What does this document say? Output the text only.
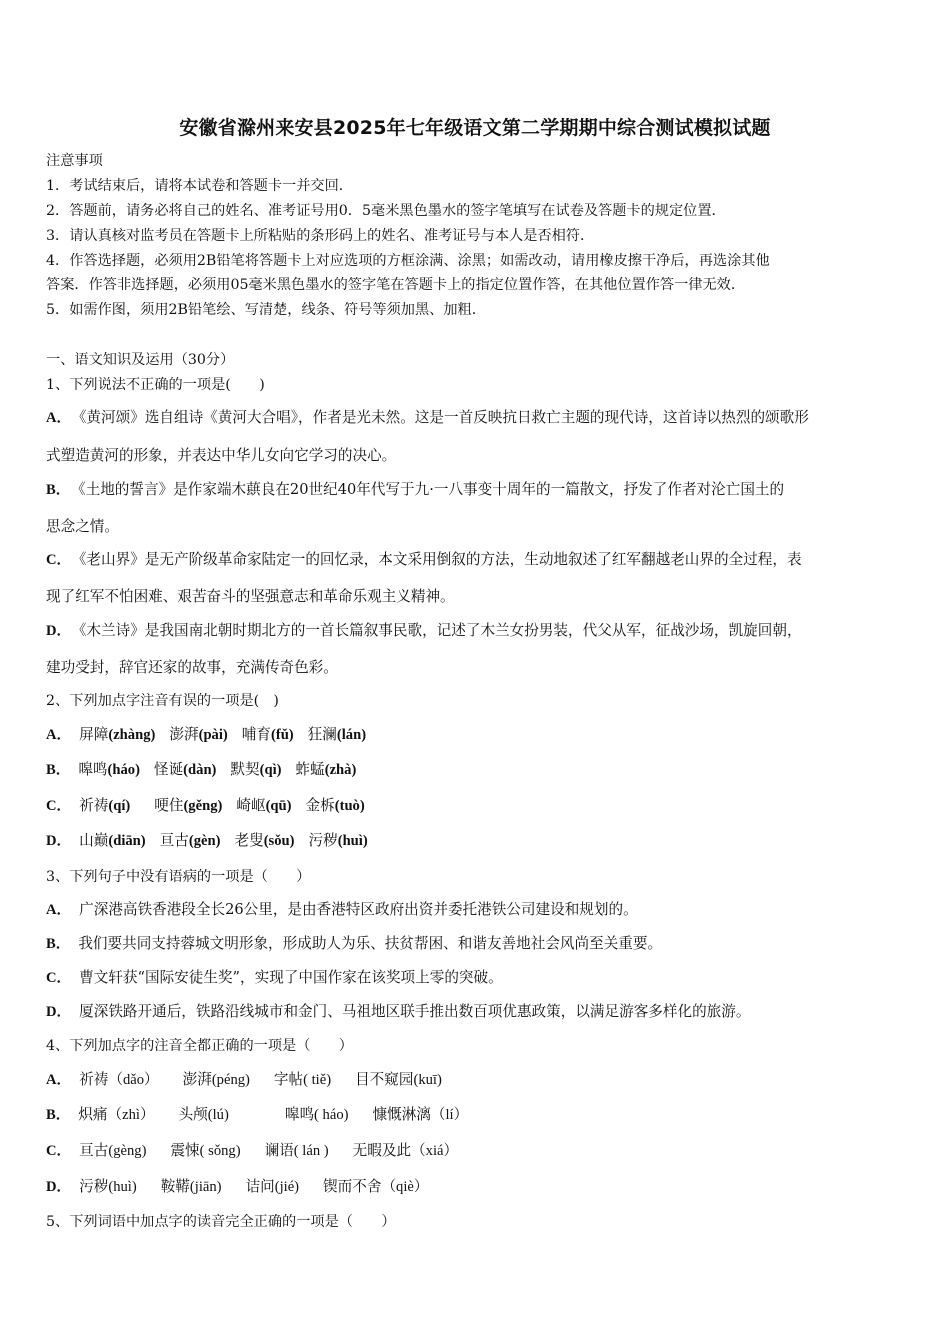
安徽省滁州来安县2025年七年级语文第二学期期中综合测试模拟试题
注意事项
1．考试结束后，请将本试卷和答题卡一并交回．
2．答题前，请务必将自己的姓名、准考证号用0．5毫米黑色墨水的签字笔填写在试卷及答题卡的规定位置．
3．请认真核对监考员在答题卡上所粘贴的条形码上的姓名、准考证号与本人是否相符．
4．作答选择题，必须用2B铅笔将答题卡上对应选项的方框涂满、涂黑；如需改动，请用橡皮擦干净后，再选涂其他
答案．作答非选择题，必须用05毫米黑色墨水的签字笔在答题卡上的指定位置作答，在其他位置作答一律无效．
5．如需作图，须用2B铅笔绘、写清楚，线条、符号等须加黑、加粗．
一、语文知识及运用（30分）
1、下列说法不正确的一项是(　　)
A． 《黄河颂》选自组诗《黄河大合唱》，作者是光未然。这是一首反映抗日救亡主题的现代诗，这首诗以热烈的颂歌形
式塑造黄河的形象，并表达中华儿女向它学习的决心。
B． 《土地的誓言》是作家端木蕻良在20世纪40年代写于九·一八事变十周年的一篇散文，抒发了作者对沦亡国土的
思念之情。
C． 《老山界》是无产阶级革命家陆定一的回忆录，本文采用倒叙的方法，生动地叙述了红军翻越老山界的全过程，表
现了红军不怕困难、艰苦奋斗的坚强意志和革命乐观主义精神。
D． 《木兰诗》是我国南北朝时期北方的一首长篇叙事民歌，记述了木兰女扮男装，代父从军，征战沙场，凯旋回朝，
建功受封，辞官还家的故事，充满传奇色彩。
2、下列加点字注音有误的一项是(　)
A． 屏障(zhàng) 澎湃(pài) 哺育(fǔ) 狂澜(lán)
B． 嗥鸣(háo) 怪诞(dàn) 默契(qì) 蚱蜢(zhà)
C． 祈祷(qí) 哽住(gěng) 崎岖(qū) 金柝(tuò)
D． 山巅(diān) 亘古(gèn) 老叟(sǒu) 污秽(huì)
3、下列句子中没有语病的一项是（　　）
A． 广深港高铁香港段全长26公里，是由香港特区政府出资并委托港铁公司建设和规划的。
B． 我们要共同支持蓉城文明形象，形成助人为乐、扶贫帮困、和谐友善地社会风尚至关重要。
C． 曹文轩获“国际安徒生奖”，实现了中国作家在该奖项上零的突破。
D． 厦深铁路开通后，铁路沿线城市和金门、马祖地区联手推出数百项优惠政策，以满足游客多样化的旅游。
4、下列加点字的注音全都正确的一项是（　　）
A． 祈祷（dǎo） 澎湃(péng) 字帖( tiě) 目不窥园(kuī)
B． 炽痛（zhì） 头颅(lú)	嗥鸣( háo) 慷慨淋漓（lí）
C． 亘古(gèng) 震悚( sǒng) 谰语( lán ) 无暇及此（xiá）
D． 污秽(huì) 鞍鞯(jiān) 诘问(jié) 锲而不舍（qiè）
5、下列词语中加点字的读音完全正确的一项是（　　）
